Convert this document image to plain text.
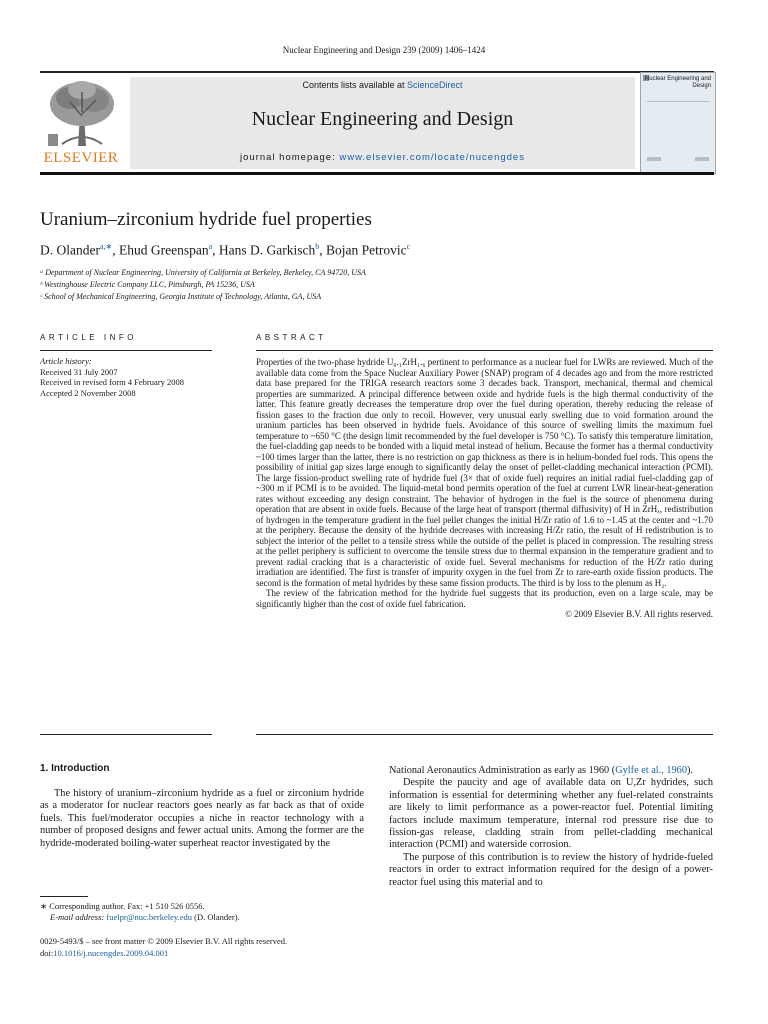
Nuclear Engineering and Design 239 (2009) 1406–1424
ELSEVIER
Contents lists available at ScienceDirect
Nuclear Engineering and Design
journal homepage: www.elsevier.com/locate/nucengdes
Nuclear Engineering and Design
Uranium–zirconium hydride fuel properties
D. Olander$^{a,∗}$, Ehud Greenspan$^a$, Hans D. Garkisch$^b$, Bojan Petrovic$^c$
ᵃ Department of Nuclear Engineering, University of California at Berkeley, Berkeley, CA 94720, USA
ᵇ Westinghouse Electric Company LLC, Pittsburgh, PA 15236, USA
ᶜ School of Mechanical Engineering, Georgia Institute of Technology, Atlanta, GA, USA
ARTICLE INFO
Article history:
Received 31 July 2007
Received in revised form 4 February 2008
Accepted 2 November 2008
ABSTRACT

Properties of the two-phase hydride U₀.₁ZrH₁.₆ pertinent to performance as a nuclear fuel for LWRs are reviewed. Much of the available data come from the Space Nuclear Auxiliary Power (SNAP) program of 4 decades ago and from the more restricted data base prepared for the TRIGA research reactors some 3 decades back. Transport, mechanical, thermal and chemical properties are summarized. A principal difference between oxide and hydride fuels is the high thermal conductivity of the latter. This feature greatly decreases the temperature drop over the fuel during operation, thereby reducing the release of fission gases to the fraction due only to recoil. However, very unusual early swelling due to void formation around the uranium particles has been observed in hydride fuels. Avoidance of this source of swelling limits the maximum fuel temperature to ~650 °C (the design limit recommended by the fuel developer is 750 °C). To satisfy this temperature limitation, the fuel-cladding gap needs to be bonded with a liquid metal instead of helium. Because the former has a thermal conductivity ~100 times larger than the latter, there is no restriction on gap thickness as there is in helium-bonded fuel rods. This opens the possibility of initial gap sizes large enough to significantly delay the onset of pellet-cladding mechanical interaction (PCMI). The large fission-product swelling rate of hydride fuel (3× that of oxide fuel) requires an initial radial fuel-cladding gap of ~300 m if PCMI is to be avoided. The liquid-metal bond permits operation of the fuel at current LWR linear-heat-generation rates without exceeding any design constraint. The behavior of hydrogen in the fuel is the source of phenomena during operation that are absent in oxide fuels. Because of the large heat of transport (thermal diffusivity) of H in ZrHₓ, redistribution of hydrogen in the temperature gradient in the fuel pellet changes the initial H/Zr ratio of 1.6 to ~1.45 at the center and ~1.70 at the periphery. Because the density of the hydride decreases with increasing H/Zr ratio, the result of H redistribution is to subject the interior of the pellet to a tensile stress while the outside of the pellet is placed in compression. The resulting stress at the pellet periphery is sufficient to overcome the tensile stress due to thermal expansion in the temperature gradient and to prevent radial cracking that is a characteristic of oxide fuel. Several mechanisms for reduction of the H/Zr ratio during irradiation are identified. The first is transfer of impurity oxygen in the fuel from Zr to rare-earth oxide fission products. The second is the formation of metal hydrides by these same fission products. The third is by loss to the plenum as H₂.

The review of the fabrication method for the hydride fuel suggests that its production, even on a large scale, may be significantly higher than the cost of oxide fuel fabrication.

© 2009 Elsevier B.V. All rights reserved.
1. Introduction

The history of uranium–zirconium hydride as a fuel or zirconium hydride as a moderator for nuclear reactors goes nearly as far back as that of oxide fuels. This fuel/moderator occupies a niche in reactor technology with a number of proposed designs and fewer actual units. Among the former are the hydride-moderated boiling-water superheat reactor investigated by the

∗ Corresponding author. Fax: +1 510 526 0556.
E-mail address: fuelpr@nuc.berkeley.edu (D. Olander).

National Aeronautics Administration as early as 1960 (Gylfe et al., 1960).

Despite the paucity and age of available data on U,Zr hydrides, such information is essential for determining whether any fuel-related constraints are likely to limit performance as a power-reactor fuel. Potential limiting factors include maximum temperature, internal rod pressure rise due to fission-gas release, cladding strain from pellet-cladding mechanical interaction (PCMI) and waterside corrosion.

The purpose of this contribution is to review the history of hydride-fueled reactors in order to extract information required for the design of a power-reactor fuel using this material and to

0029-5493/$ – see front matter © 2009 Elsevier B.V. All rights reserved.
doi:10.1016/j.nucengdes.2009.04.001
